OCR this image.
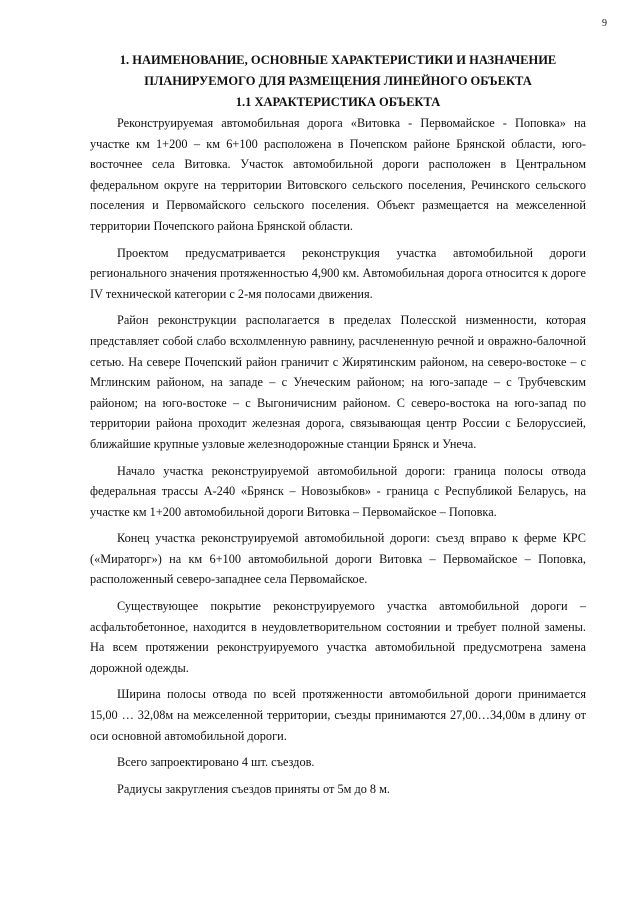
9

1. НАИМЕНОВАНИЕ, ОСНОВНЫЕ ХАРАКТЕРИСТИКИ И НАЗНАЧЕНИЕ

ПЛАНИРУЕМОГО ДЛЯ РАЗМЕЩЕНИЯ ЛИНЕЙНОГО ОБЪЕКТА

1.1 ХАРАКТЕРИСТИКА ОБЪЕКТА

Реконструируемая автомобильная дорога «Витовка - Первомайское - Поповка» на участке км 1+200 – км 6+100 расположена в Почепском районе Брянской области, юго-восточнее села Витовка. Участок автомобильной дороги расположен в Центральном федеральном округе на территории Витовского сельского поселения, Речинского сельского поселения и Первомайского сельского поселения. Объект размещается на межселенной территории Почепского района Брянской области.

Проектом предусматривается реконструкция участка автомобильной дороги регионального значения протяженностью 4,900 км. Автомобильная дорога относится к дороге IV технической категории с 2-мя полосами движения.

Район реконструкции располагается в пределах Полесской низменности, которая представляет собой слабо всхолмленную равнину, расчлененную речной и овражно-балочной сетью. На севере Почепский район граничит с Жирятинским районом, на северо-востоке – с Мглинским районом, на западе – с Унеческим районом; на юго-западе – с Трубчевским районом; на юго-востоке – с Выгоничисним районом. С северо-востока на юго-запад по территории района проходит железная дорога, связывающая центр России с Белоруссией, ближайшие крупные узловые железнодорожные станции Брянск и Унеча.

Начало участка реконструируемой автомобильной дороги: граница полосы отвода федеральная трассы А-240 «Брянск – Новозыбков» - граница с Республикой Беларусь, на участке км 1+200 автомобильной дороги Витовка – Первомайское – Поповка.

Конец участка реконструируемой автомобильной дороги: съезд вправо к ферме КРС («Мираторг») на км 6+100 автомобильной дороги Витовка – Первомайское – Поповка, расположенный северо-западнее села Первомайское.

Существующее покрытие реконструируемого участка автомобильной дороги – асфальтобетонное, находится в неудовлетворительном состоянии и требует полной замены. На всем протяжении реконструируемого участка автомобильной предусмотрена замена дорожной одежды.

Ширина полосы отвода по всей протяженности автомобильной дороги принимается 15,00 … 32,08м на межселенной территории, съезды принимаются 27,00…34,00м в длину от оси основной автомобильной дороги.

Всего запроектировано 4 шт. съездов.

Радиусы закругления съездов приняты от 5м до 8 м.
